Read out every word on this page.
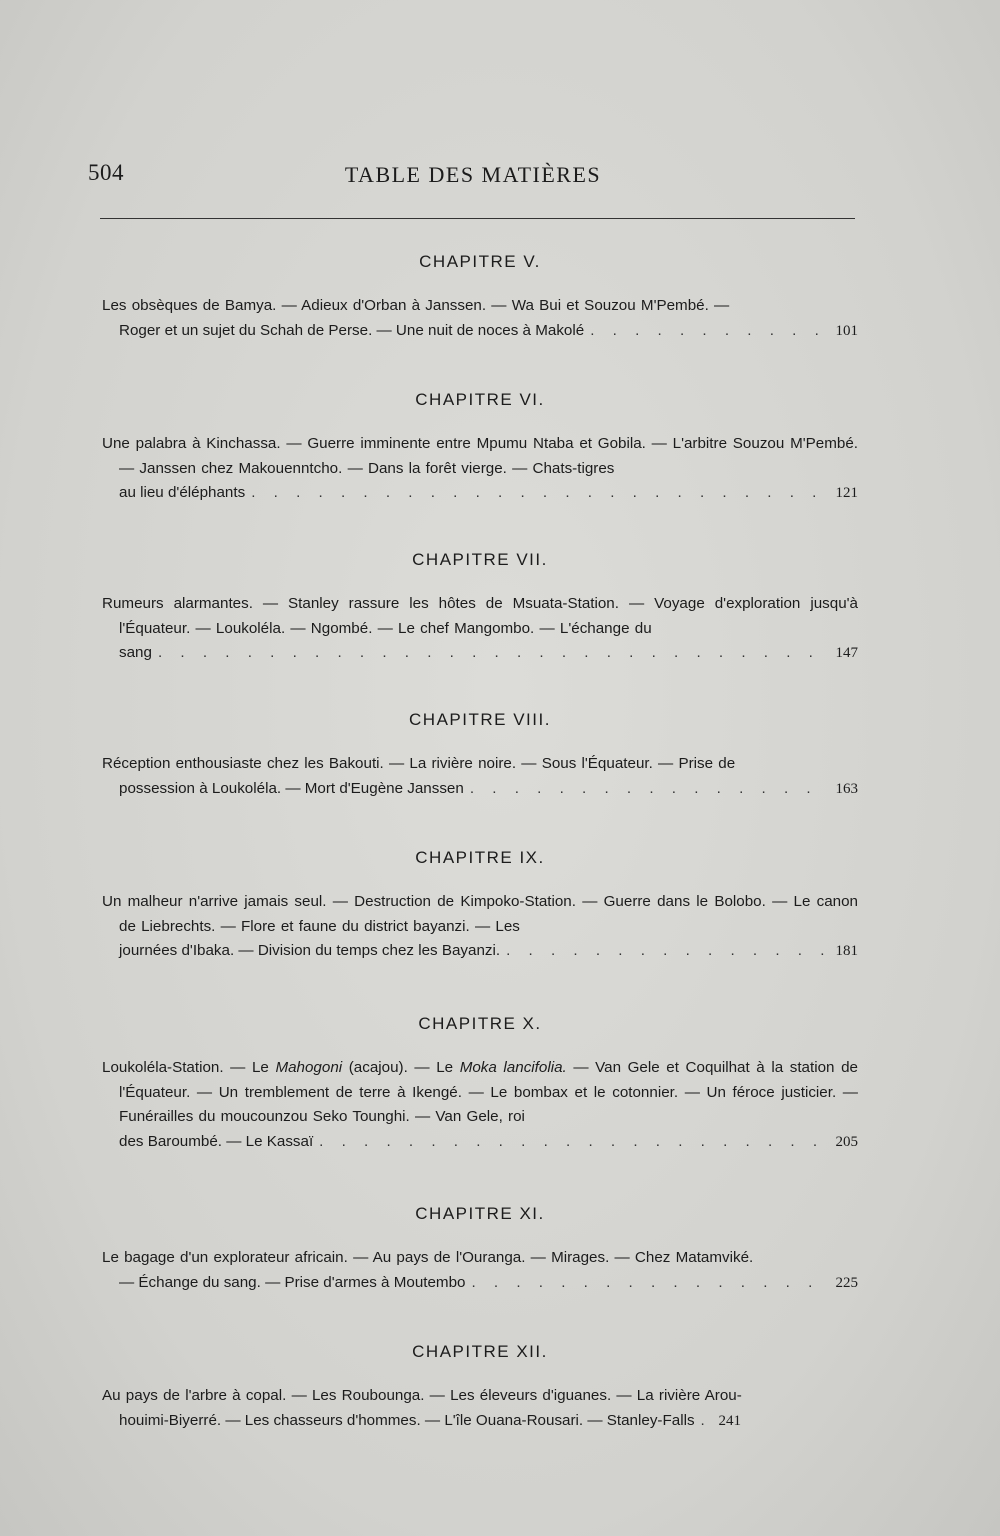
504	TABLE DES MATIÈRES
CHAPITRE V.
Les obsèques de Bamya. — Adieux d'Orban à Janssen. — Wa Bui et Souzou M'Pembé. —
Roger et un sujet du Schah de Perse. — Une nuit de noces à Makolé . . .	101
CHAPITRE VI.
Une palabra à Kinchassa. — Guerre imminente entre Mpumu Ntaba et Gobila. — L'arbitre Souzou M'Pembé. — Janssen chez Makouenntcho. — Dans la forêt vierge. — Chats-tigres
au lieu d'éléphants . . .	121
CHAPITRE VII.
Rumeurs alarmantes. — Stanley rassure les hôtes de Msuata-Station. — Voyage d'exploration jusqu'à l'Équateur. — Loukoléla. — Ngombé. — Le chef Mangombo. — L'échange du
sang . . .	147
CHAPITRE VIII.
Réception enthousiaste chez les Bakouti. — La rivière noire. — Sous l'Équateur. — Prise de
possession à Loukoléla. — Mort d'Eugène Janssen . . .	163
CHAPITRE IX.
Un malheur n'arrive jamais seul. — Destruction de Kimpoko-Station. — Guerre dans le Bolobo. — Le canon de Liebrechts. — Flore et faune du district bayanzi. — Les
journées d'Ibaka. — Division du temps chez les Bayanzi. . . .	181
CHAPITRE X.
Loukoléla-Station. — Le Mahogoni (acajou). — Le Moka lancifolia. — Van Gele et Coquilhat à la station de l'Équateur. — Un tremblement de terre à Ikengé. — Le bombax et le cotonnier. — Un féroce justicier. — Funérailles du moucounzou Seko Tounghi. — Van Gele, roi
des Baroumbé. — Le Kassaï . . .	205
CHAPITRE XI.
Le bagage d'un explorateur africain. — Au pays de l'Ouranga. — Mirages. — Chez Matamviké.
— Échange du sang. — Prise d'armes à Moutembo . . .	225
CHAPITRE XII.
Au pays de l'arbre à copal. — Les Roubounga. — Les éleveurs d'iguanes. — La rivière Arou-
houimi-Biyerré. — Les chasseurs d'hommes. — L'île Ouana-Rousari. — Stanley-Falls . . . 241
